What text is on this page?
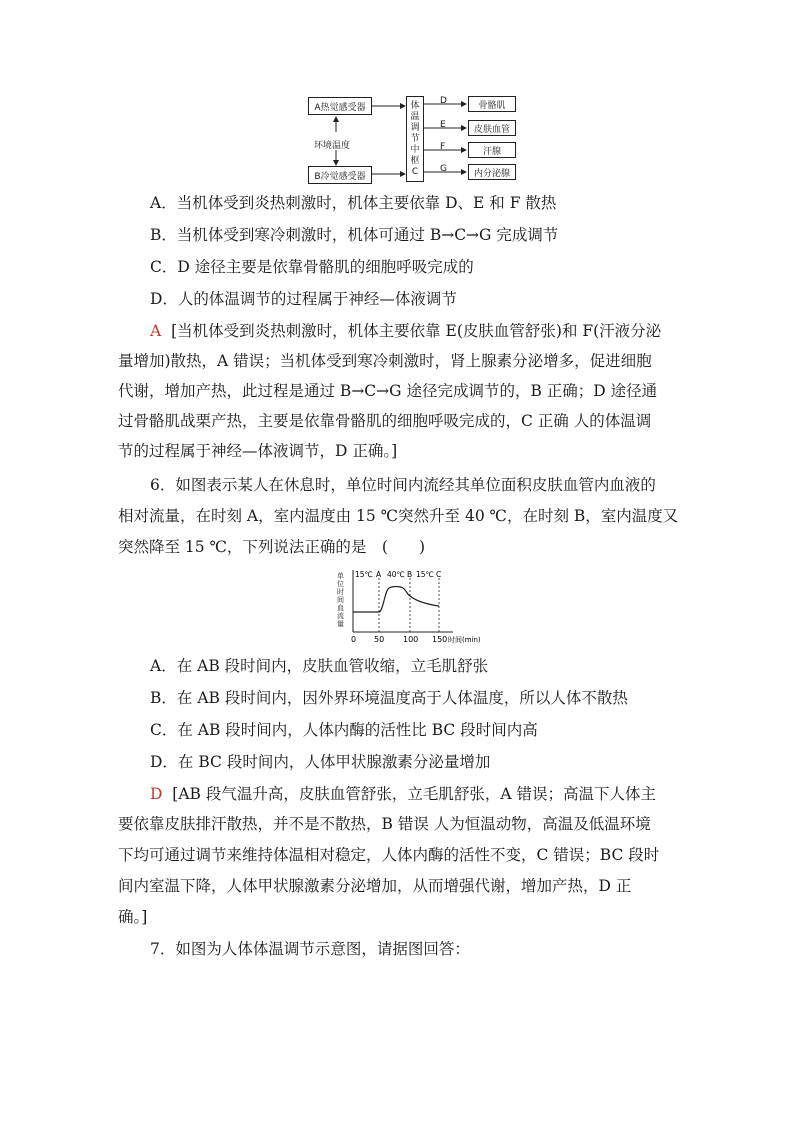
A热觉感受器
环境温度
B冷觉感受器
体
温
调
节
中
枢
C
D
E
F
G
骨骼肌
皮肤血管
汗腺
内分泌腺
A．当机体受到炎热刺激时，机体主要依靠 D、E 和 F 散热
B．当机体受到寒冷刺激时，机体可通过 B→C→G 完成调节
C．D 途径主要是依靠骨骼肌的细胞呼吸完成的
D．人的体温调节的过程属于神经—体液调节
A [当机体受到炎热刺激时，机体主要依靠 E(皮肤血管舒张)和 F(汗液分泌
量增加)散热，A 错误；当机体受到寒冷刺激时，肾上腺素分泌增多，促进细胞
代谢，增加产热，此过程是通过 B→C→G 途径完成调节的，B 正确；D 途径通
过骨骼肌战栗产热，主要是依靠骨骼肌的细胞呼吸完成的，C 正确 人的体温调
节的过程属于神经—体液调节，D 正确。]
6．如图表示某人在休息时，单位时间内流经其单位面积皮肤血管内血液的
相对流量，在时刻 A，室内温度由 15 ℃突然升至 40 ℃，在时刻 B，室内温度又
突然降至 15 ℃，下列说法正确的是　(　　)
0 50 100 150 时间(min)
15℃ A 40℃ B 15℃ C
单位时间血流量
A．在 AB 段时间内，皮肤血管收缩，立毛肌舒张
B．在 AB 段时间内，因外界环境温度高于人体温度，所以人体不散热
C．在 AB 段时间内，人体内酶的活性比 BC 段时间内高
D．在 BC 段时间内，人体甲状腺激素分泌量增加
D [AB 段气温升高，皮肤血管舒张，立毛肌舒张，A 错误；高温下人体主
要依靠皮肤排汗散热，并不是不散热，B 错误 人为恒温动物，高温及低温环境
下均可通过调节来维持体温相对稳定，人体内酶的活性不变，C 错误；BC 段时
间内室温下降，人体甲状腺激素分泌增加，从而增强代谢，增加产热，D 正
确。]
7．如图为人体体温调节示意图，请据图回答：
